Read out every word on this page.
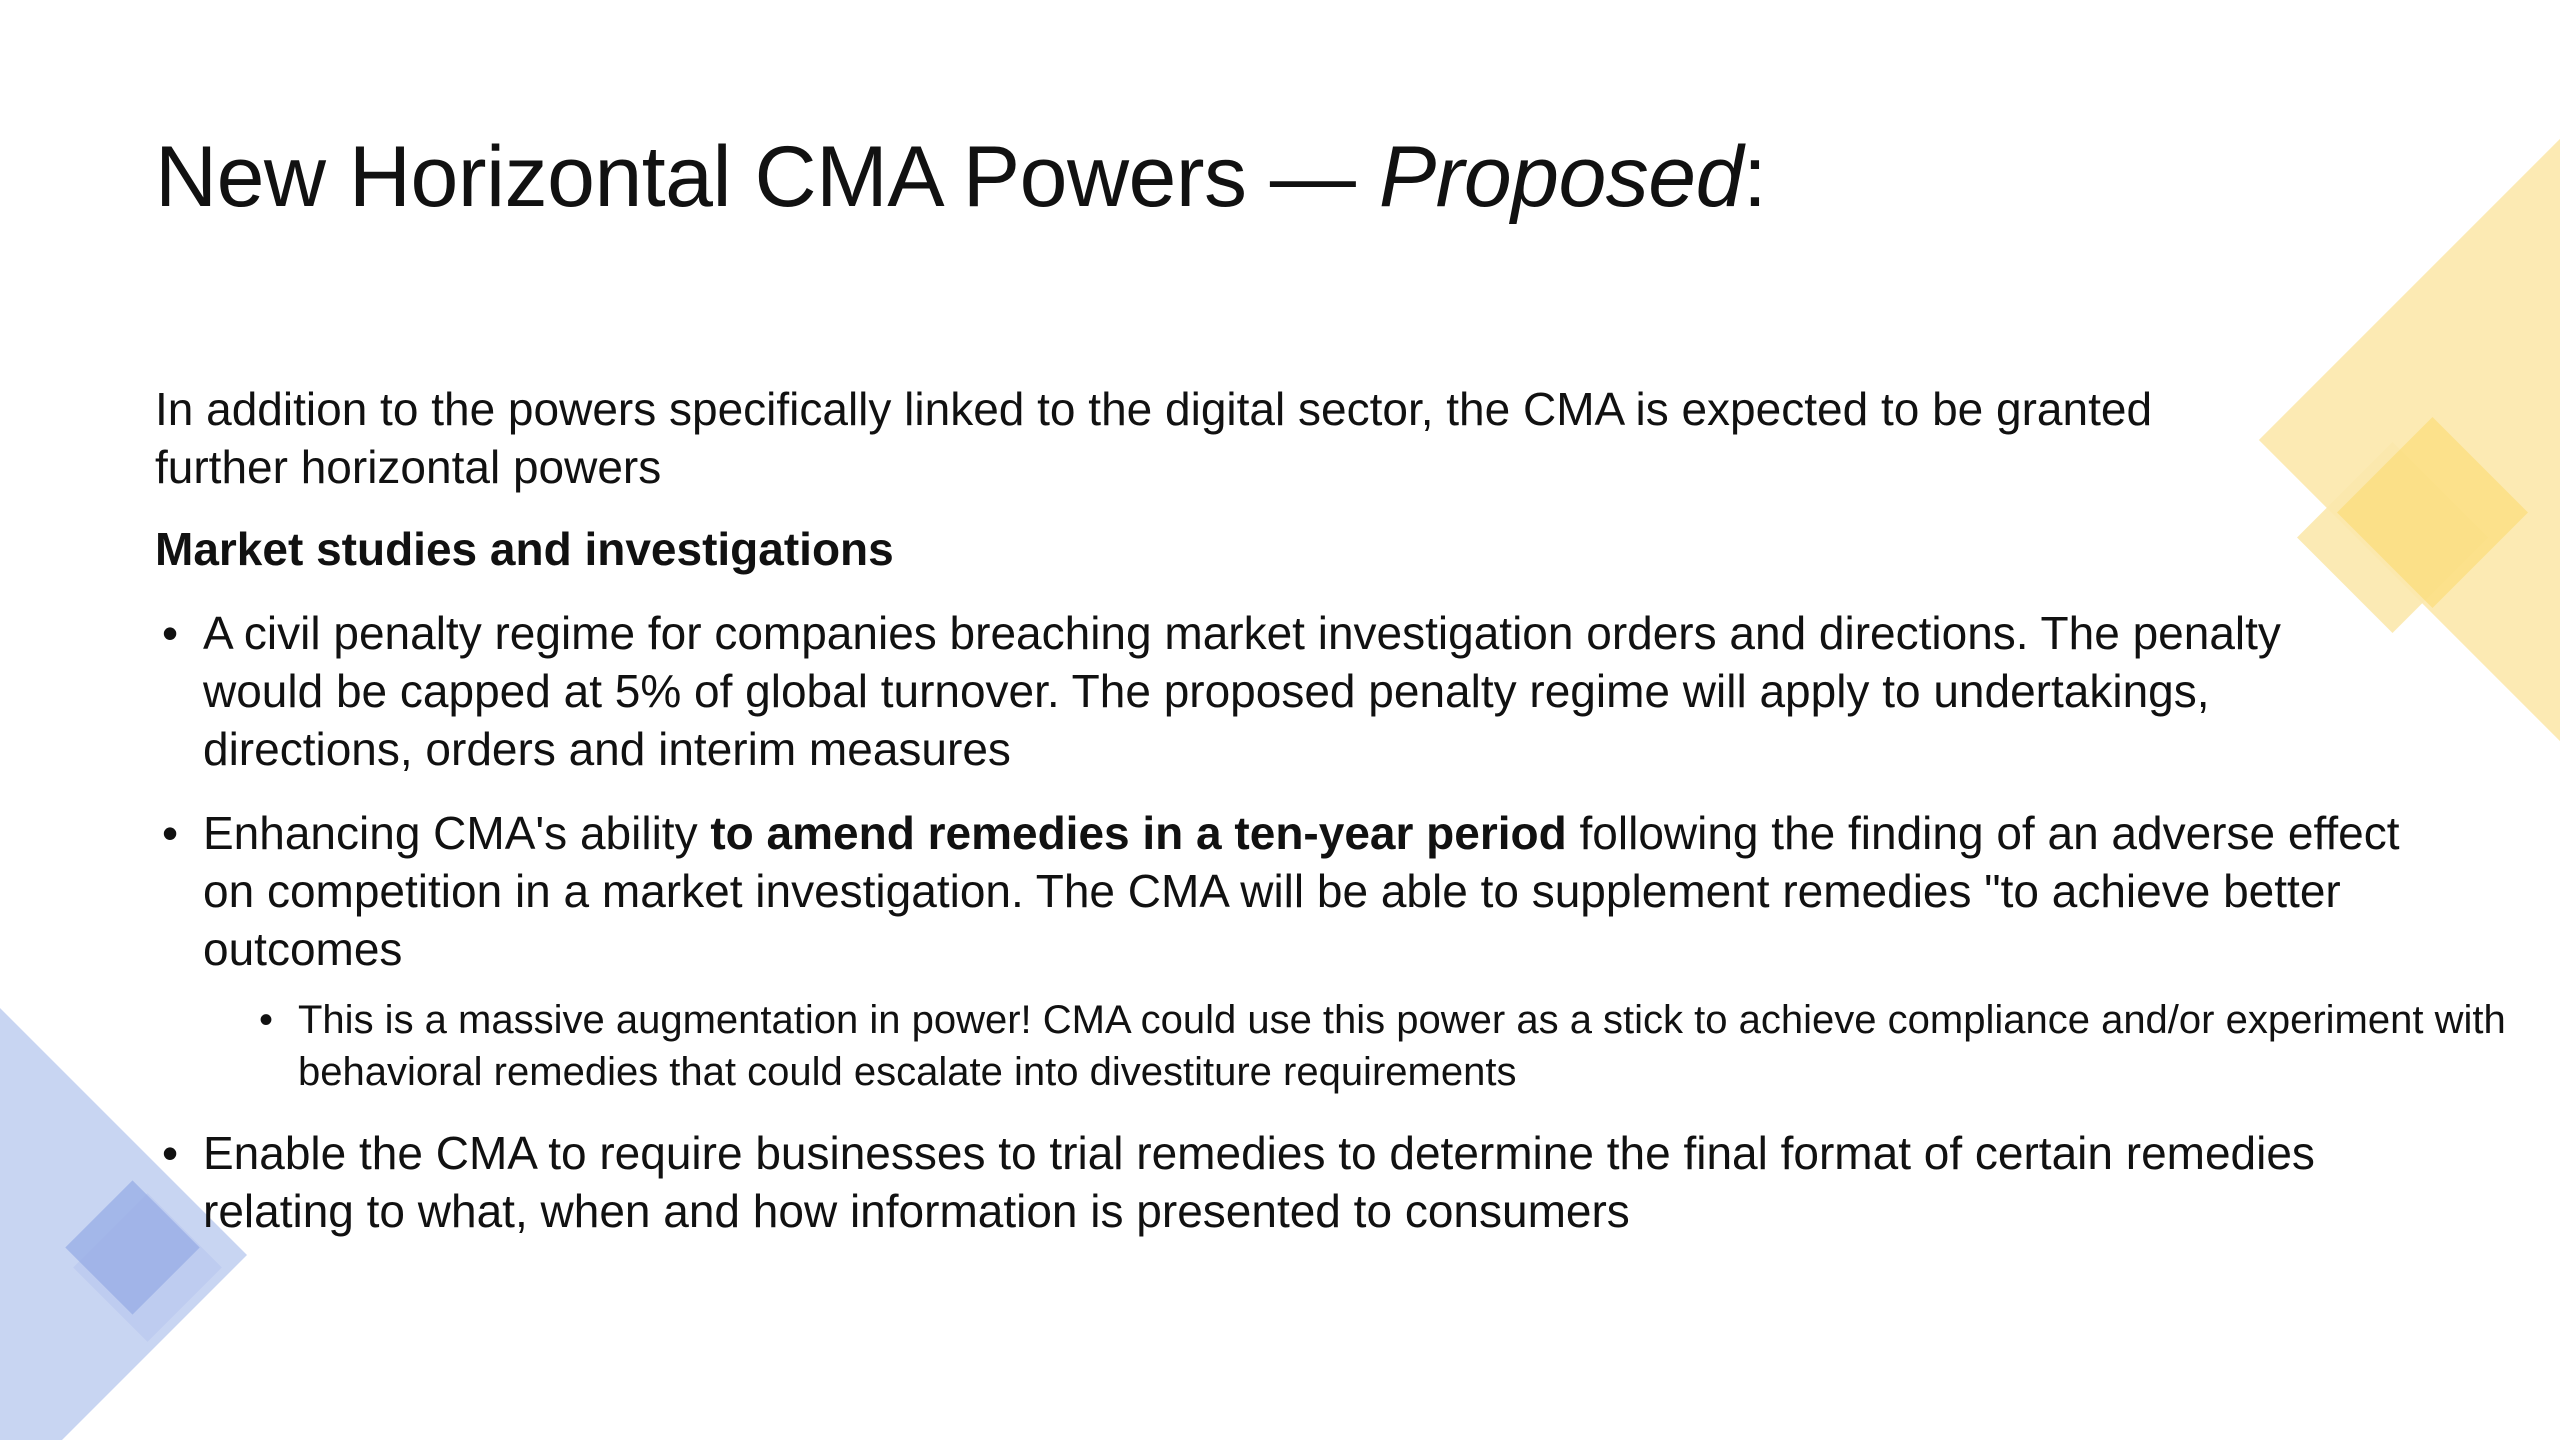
New Horizontal CMA Powers — Proposed:

In addition to the powers specifically linked to the digital sector, the CMA is expected to be granted further horizontal powers

Market studies and investigations

• A civil penalty regime for companies breaching market investigation orders and directions. The penalty would be capped at 5% of global turnover. The proposed penalty regime will apply to undertakings, directions, orders and interim measures
• Enhancing CMA's ability to amend remedies in a ten-year period following the finding of an adverse effect on competition in a market investigation. The CMA will be able to supplement remedies "to achieve better outcomes
• This is a massive augmentation in power! CMA could use this power as a stick to achieve compliance and/or experiment with behavioral remedies that could escalate into divestiture requirements
• Enable the CMA to require businesses to trial remedies to determine the final format of certain remedies relating to what, when and how information is presented to consumers
